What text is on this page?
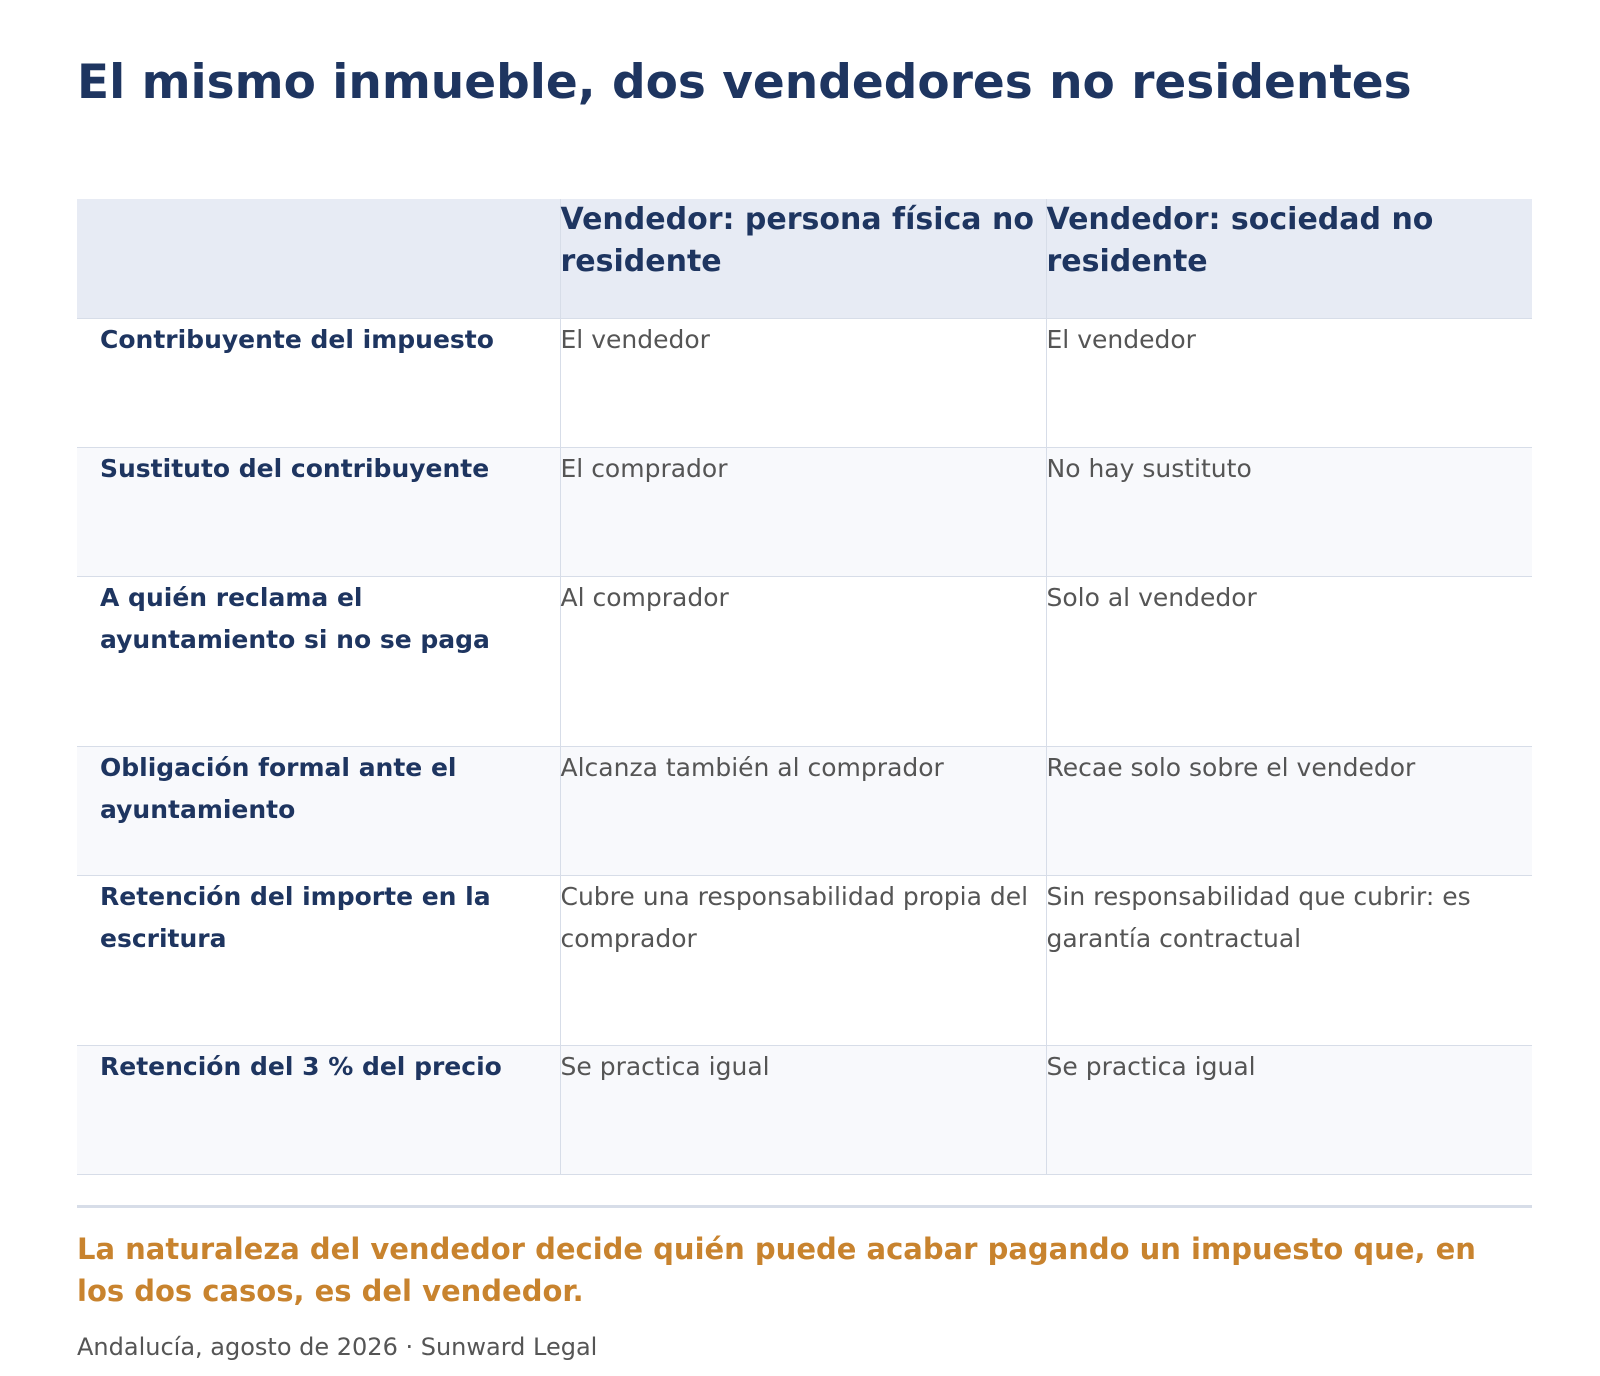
El mismo inmueble, dos vendedores no residentes
	Vendedor: persona física no residente	Vendedor: sociedad no residente
Contribuyente del impuesto	El vendedor	El vendedor
Sustituto del contribuyente	El comprador	No hay sustituto
A quién reclama el ayuntamiento si no se paga	Al comprador	Solo al vendedor
Obligación formal ante el ayuntamiento	Alcanza también al comprador	Recae solo sobre el vendedor
Retención del importe en la escritura	Cubre una responsabilidad propia del comprador	Sin responsabilidad que cubrir: es garantía contractual
Retención del 3 % del precio	Se practica igual	Se practica igual

La naturaleza del vendedor decide quién puede acabar pagando un impuesto que, en los dos casos, es del vendedor.

Andalucía, agosto de 2026 · Sunward Legal
